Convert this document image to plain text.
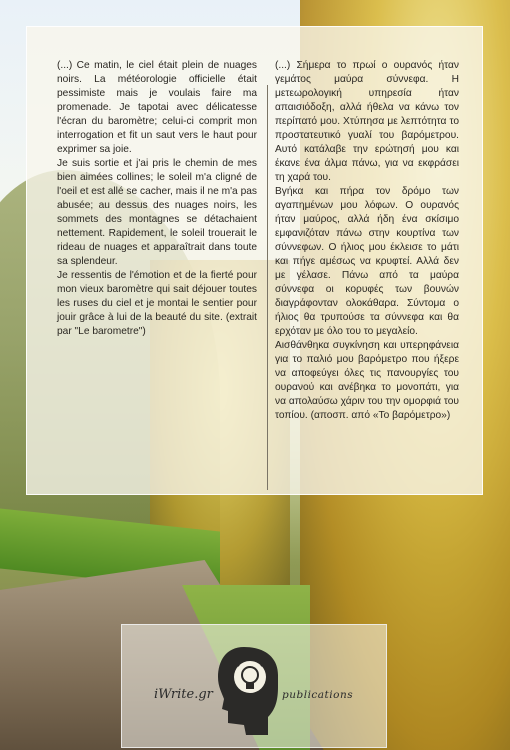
(...) Ce matin, le ciel était plein de nuages noirs. La météorologie officielle était pessimiste mais je voulais faire ma promenade. Je tapotai avec délicatesse l'écran du baromètre; celui-ci comprit mon interrogation et fit un saut vers le haut pour exprimer sa joie.

Je suis sortie et j'ai pris le chemin de mes bien aimées collines; le soleil m'a cligné de l'oeil et est allé se cacher, mais il ne m'a pas abusée; au dessus des nuages noirs, les sommets des montagnes se détachaient nettement. Rapidement, le soleil trouerait le rideau de nuages et apparaîtrait dans toute sa splendeur.

Je ressentis de l'émotion et de la fierté pour mon vieux baromètre qui sait déjouer toutes les ruses du ciel et je montai le sentier pour jouir grâce à lui de la beauté du site. (extrait par "Le barometre")

(...) Σήμερα το πρωί ο ουρανός ήταν γεμάτος μαύρα σύννεφα. Η μετεωρολογική υπηρεσία ήταν απαισιόδοξη, αλλά ήθελα να κάνω τον περίπατό μου. Χτύπησα με λεπτότητα το προστατευτικό γυαλί του βαρόμετρου. Αυτό κατάλαβε την ερώτησή μου και έκανε ένα άλμα πάνω, για να εκφράσει τη χαρά του.

Βγήκα και πήρα τον δρόμο των αγαπημένων μου λόφων. Ο ουρανός ήταν μαύρος, αλλά ήδη ένα σκίσιμο εμφανιζόταν πάνω στην κουρτίνα των σύννεφων. Ο ήλιος μου έκλεισε το μάτι και πήγε αμέσως να κρυφτεί. Αλλά δεν με γέλασε. Πάνω από τα μαύρα σύννεφα οι κορυφές των βουνών διαγράφονταν ολοκάθαρα. Σύντομα ο ήλιος θα τρυπούσε τα σύννεφα και θα ερχόταν με όλο του το μεγαλείο.

Αισθάνθηκα συγκίνηση και υπερηφάνεια για το παλιό μου βαρόμετρο που ήξερε να αποφεύγει όλες τις πανουργίες του ουρανού και ανέβηκα το μονοπάτι, για να απολαύσω χάριν του την ομορφιά του τοπίου. (αποσπ. από «Το βαρόμετρο»)

iWrite.gr	publications
